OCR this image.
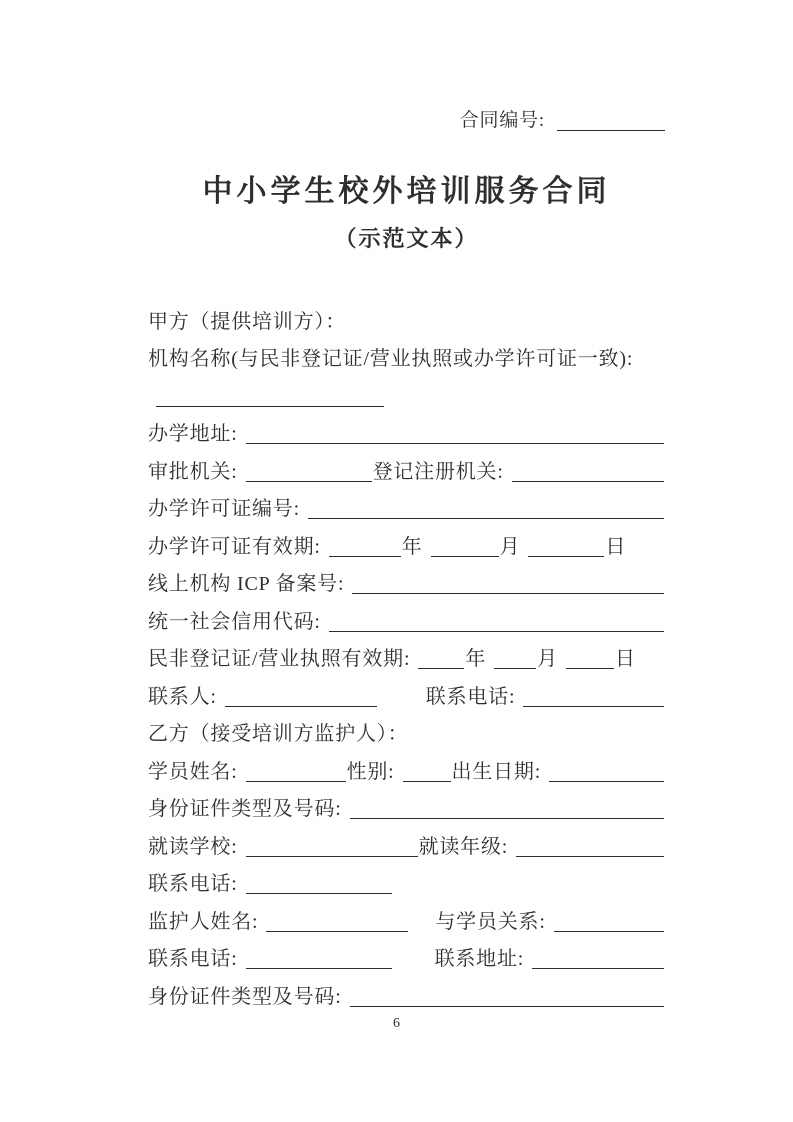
合同编号:
中小学生校外培训服务合同
（示范文本）
甲方（提供培训方）：
机构名称(与民非登记证/营业执照或办学许可证一致):
办学地址:
审批机关:	登记注册机关:
办学许可证编号:
办学许可证有效期:	年	月	日
线上机构 ICP 备案号:
统一社会信用代码:
民非登记证/营业执照有效期:	年	月	日
联系人:	联系电话:
乙方（接受培训方监护人）：
学员姓名:	性别:	出生日期:
身份证件类型及号码:
就读学校:	就读年级:
联系电话:
监护人姓名:	与学员关系:
联系电话:	联系地址:
身份证件类型及号码:
6
